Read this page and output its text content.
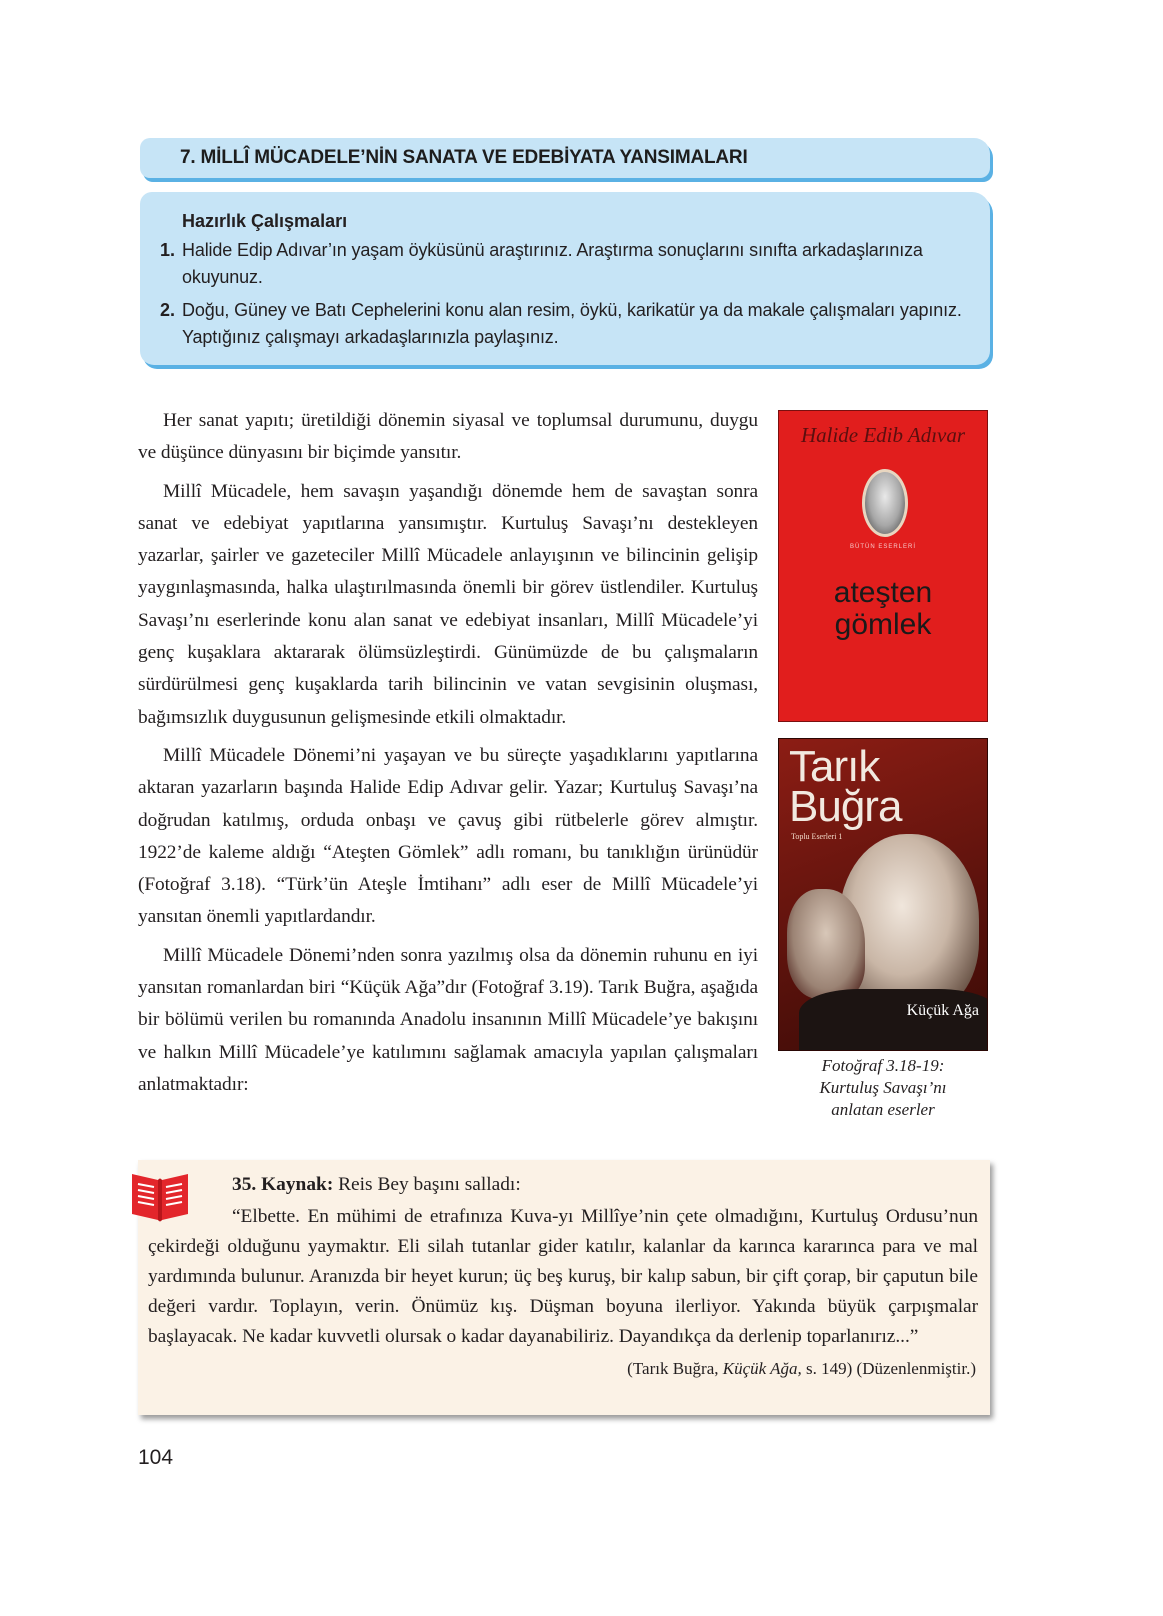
7. MİLLÎ MÜCADELE’NİN SANATA VE EDEBİYATA YANSIMALARI
Hazırlık Çalışmaları
1. Halide Edip Adıvar’ın yaşam öyküsünü araştırınız. Araştırma sonuçlarını sınıfta arkadaşlarınıza okuyunuz.
2. Doğu, Güney ve Batı Cephelerini konu alan resim, öykü, karikatür ya da makale çalışmaları yapınız. Yaptığınız çalışmayı arkadaşlarınızla paylaşınız.

Her sanat yapıtı; üretildiği dönemin siyasal ve toplumsal durumunu, duygu ve düşünce dünyasını bir biçimde yansıtır.

Millî Mücadele, hem savaşın yaşandığı dönemde hem de savaştan sonra sanat ve edebiyat yapıtlarına yansımıştır. Kurtuluş Savaşı’nı destekleyen yazarlar, şairler ve gazeteciler Millî Mücadele anlayışının ve bilincinin gelişip yaygınlaşmasında, halka ulaştırılmasında önemli bir görev üstlendiler. Kurtuluş Savaşı’nı eserlerinde konu alan sanat ve edebiyat insanları, Millî Mücadele’yi genç kuşaklara aktararak ölümsüzleştirdi. Günümüzde de bu çalışmaların sürdürülmesi genç kuşaklarda tarih bilincinin ve vatan sevgisinin oluşması, bağımsızlık duygusunun gelişmesinde etkili olmaktadır.

Millî Mücadele Dönemi’ni yaşayan ve bu süreçte yaşadıklarını yapıtlarına aktaran yazarların başında Halide Edip Adıvar gelir. Yazar; Kurtuluş Savaşı’na doğrudan katılmış, orduda onbaşı ve çavuş gibi rütbelerle görev almıştır. 1922’de kaleme aldığı “Ateşten Gömlek” adlı romanı, bu tanıklığın ürünüdür (Fotoğraf 3.18). “Türk’ün Ateşle İmtihanı” adlı eser de Millî Mücadele’yi yansıtan önemli yapıtlardandır.

Millî Mücadele Dönemi’nden sonra yazılmış olsa da dönemin ruhunu en iyi yansıtan romanlardan biri “Küçük Ağa”dır (Fotoğraf 3.19). Tarık Buğra, aşağıda bir bölümü verilen bu romanında Anadolu insanının Millî Mücadele’ye bakışını ve halkın Millî Mücadele’ye katılımını sağlamak amacıyla yapılan çalışmaları anlatmaktadır:

Halide Edib Adıvar
BÜTÜN ESERLERİ
ateşten
gömlek
Tarık
Buğra
Toplu Eserleri 1
Küçük Ağa
Fotoğraf 3.18-19:
Kurtuluş Savaşı’nı
anlatan eserler

35. Kaynak: Reis Bey başını salladı:

“Elbette. En mühimi de etrafınıza Kuva-yı Millîye’nin çete olmadığını, Kurtuluş Ordusu’nun çekirdeği olduğunu yaymaktır. Eli silah tutanlar gider katılır, kalanlar da karınca kararınca para ve mal yardımında bulunur. Aranızda bir heyet kurun; üç beş kuruş, bir kalıp sabun, bir çift çorap, bir çaputun bile değeri vardır. Toplayın, verin. Önümüz kış. Düşman boyuna ilerliyor. Yakında büyük çarpışmalar başlayacak. Ne kadar kuvvetli olursak o kadar dayanabiliriz. Dayandıkça da derlenip toparlanırız...”

(Tarık Buğra, Küçük Ağa, s. 149) (Düzenlenmiştir.)
104
